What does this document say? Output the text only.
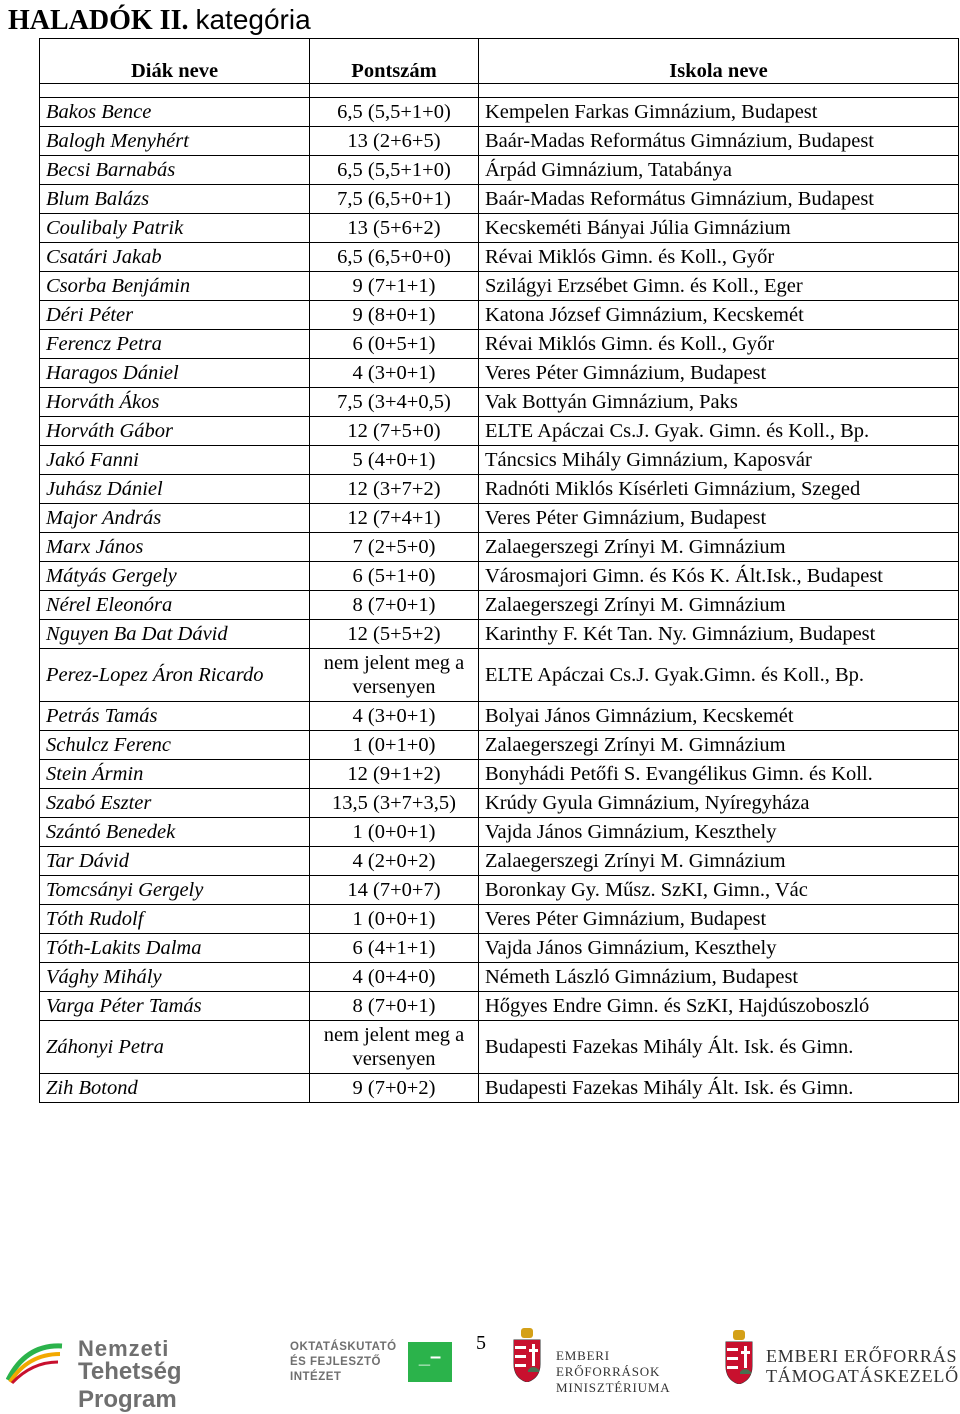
HALADÓK II. kategória
Diák neve	Pontszám	Iskola neve

Bakos Bence	6,5 (5,5+1+0)	Kempelen Farkas Gimnázium, Budapest
Balogh Menyhért	13 (2+6+5)	Baár-Madas Református Gimnázium, Budapest
Becsi Barnabás	6,5 (5,5+1+0)	Árpád Gimnázium, Tatabánya
Blum Balázs	7,5 (6,5+0+1)	Baár-Madas Református Gimnázium, Budapest
Coulibaly Patrik	13 (5+6+2)	Kecskeméti Bányai Júlia Gimnázium
Csatári Jakab	6,5 (6,5+0+0)	Révai Miklós Gimn. és Koll., Győr
Csorba Benjámin	9 (7+1+1)	Szilágyi Erzsébet Gimn. és Koll., Eger
Déri Péter	9 (8+0+1)	Katona József Gimnázium, Kecskemét
Ferencz Petra	6 (0+5+1)	Révai Miklós Gimn. és Koll., Győr
Haragos Dániel	4 (3+0+1)	Veres Péter Gimnázium, Budapest
Horváth Ákos	7,5 (3+4+0,5)	Vak Bottyán Gimnázium, Paks
Horváth Gábor	12 (7+5+0)	ELTE Apáczai Cs.J. Gyak. Gimn. és Koll., Bp.
Jakó Fanni	5 (4+0+1)	Táncsics Mihály Gimnázium, Kaposvár
Juhász Dániel	12 (3+7+2)	Radnóti Miklós Kísérleti Gimnázium, Szeged
Major András	12 (7+4+1)	Veres Péter Gimnázium, Budapest
Marx János	7 (2+5+0)	Zalaegerszegi Zrínyi M. Gimnázium
Mátyás Gergely	6 (5+1+0)	Városmajori Gimn. és Kós K. Ált.Isk., Budapest
Nérel Eleonóra	8 (7+0+1)	Zalaegerszegi Zrínyi M. Gimnázium
Nguyen Ba Dat Dávid	12 (5+5+2)	Karinthy F. Két Tan. Ny. Gimnázium, Budapest
Perez-Lopez Áron Ricardo	nem jelent meg a versenyen	ELTE Apáczai Cs.J. Gyak.Gimn. és Koll., Bp.
Petrás Tamás	4 (3+0+1)	Bolyai János Gimnázium, Kecskemét
Schulcz Ferenc	1 (0+1+0)	Zalaegerszegi Zrínyi M. Gimnázium
Stein Ármin	12 (9+1+2)	Bonyhádi Petőfi S. Evangélikus Gimn. és Koll.
Szabó Eszter	13,5 (3+7+3,5)	Krúdy Gyula Gimnázium, Nyíregyháza
Szántó Benedek	1 (0+0+1)	Vajda János Gimnázium, Keszthely
Tar Dávid	4 (2+0+2)	Zalaegerszegi Zrínyi M. Gimnázium
Tomcsányi Gergely	14 (7+0+7)	Boronkay Gy. Műsz. SzKI, Gimn., Vác
Tóth Rudolf	1 (0+0+1)	Veres Péter Gimnázium, Budapest
Tóth-Lakits Dalma	6 (4+1+1)	Vajda János Gimnázium, Keszthely
Vághy Mihály	4 (0+4+0)	Németh László Gimnázium, Budapest
Varga Péter Tamás	8 (7+0+1)	Hőgyes Endre Gimn. és SzKI, Hajdúszoboszló
Záhonyi Petra	nem jelent meg a versenyen	Budapesti Fazekas Mihály Ált. Isk. és Gimn.
Zih Botond	9 (7+0+2)	Budapesti Fazekas Mihály Ált. Isk. és Gimn.
Nemzeti
Tehetség Program
OKTATÁSKUTATÓ
ÉS FEJLESZTŐ
INTÉZET
_–
5
EMBERI ERŐFORRÁSOK
MINISZTÉRIUMA
EMBERI ERŐFORRÁS
TÁMOGATÁSKEZELŐ
